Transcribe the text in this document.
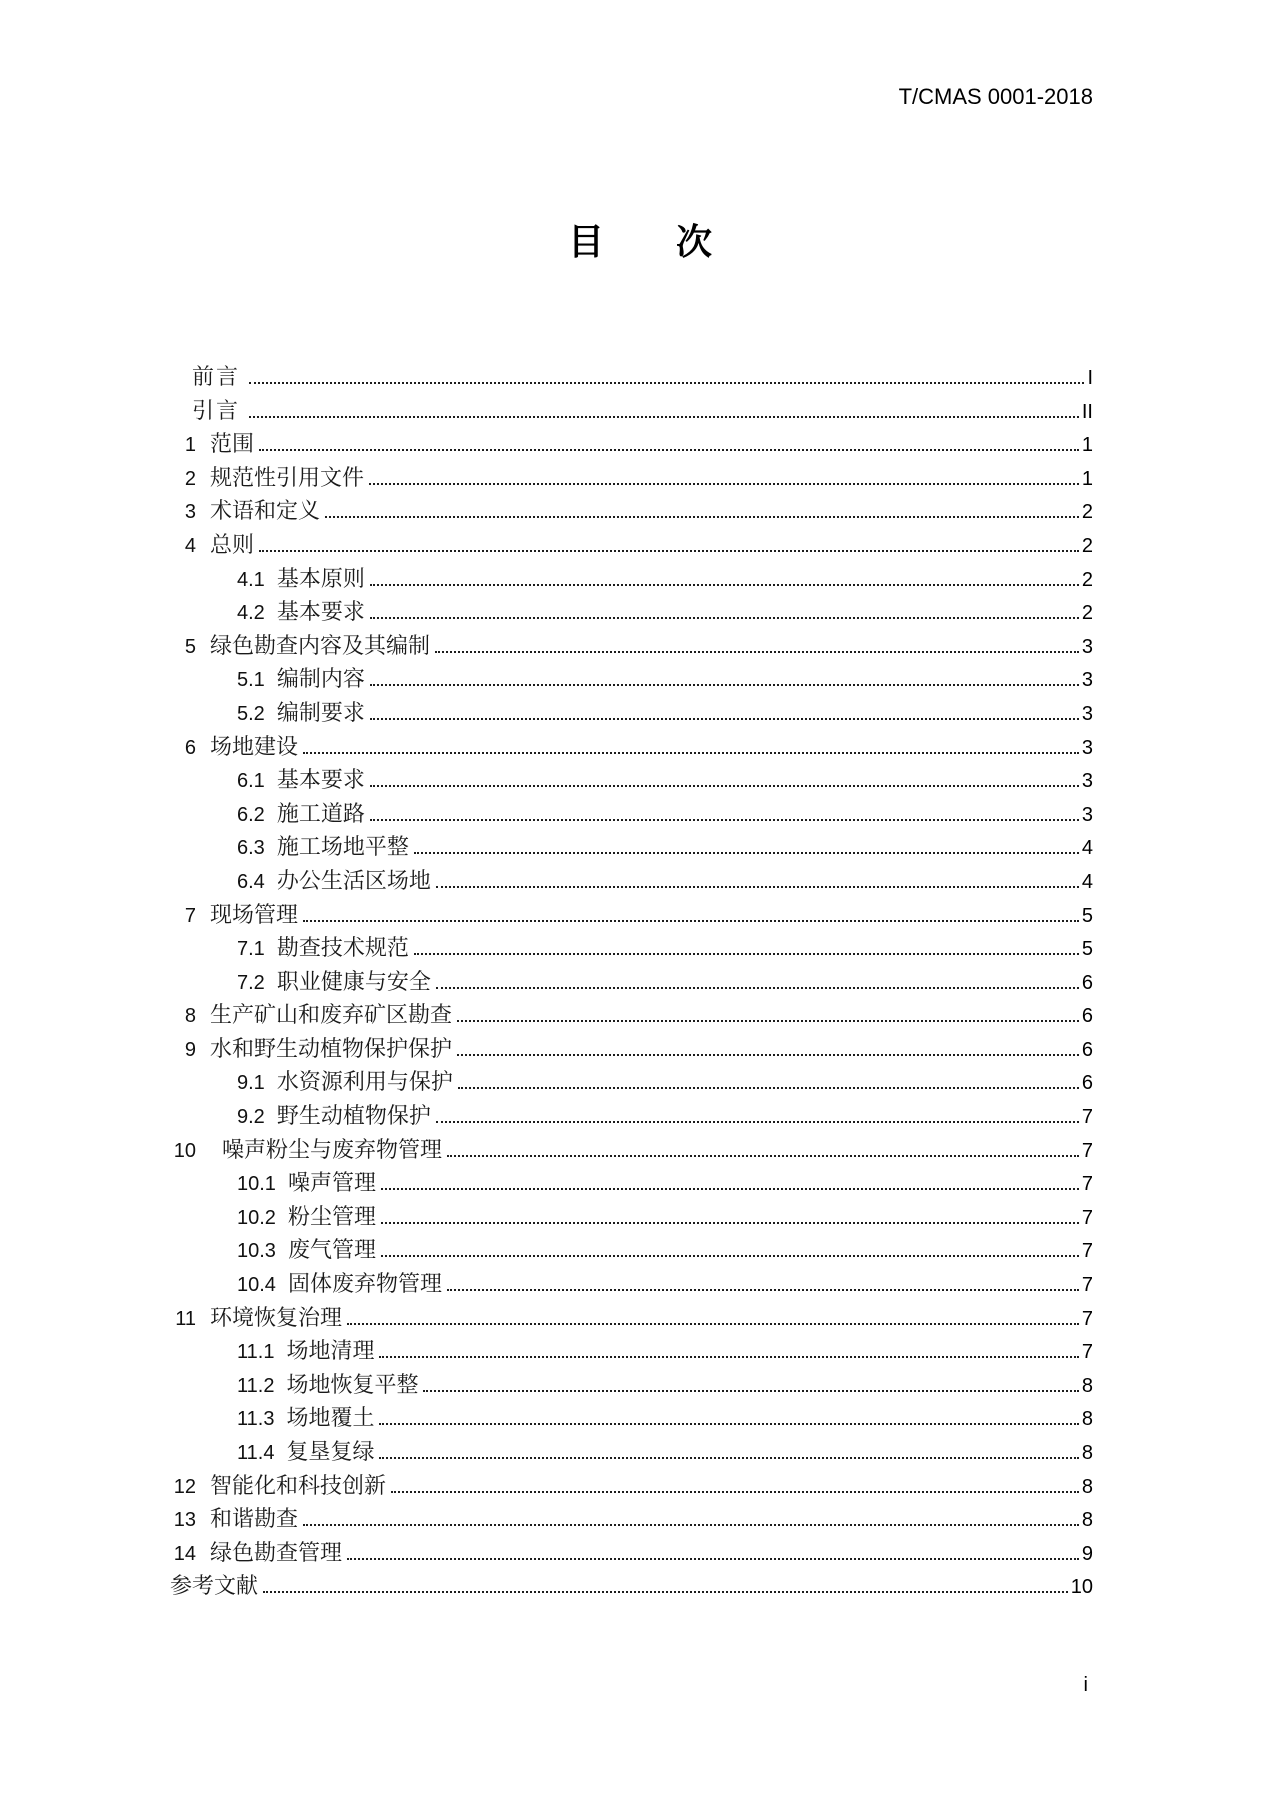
T/CMAS 0001-2018
目　　次
前言	I
引言	II
1 范围	1
2 规范性引用文件	1
3 术语和定义	2
4 总则	2
4.1 基本原则	2
4.2 基本要求	2
5 绿色勘查内容及其编制	3
5.1 编制内容	3
5.2 编制要求	3
6 场地建设	3
6.1 基本要求	3
6.2 施工道路	3
6.3 施工场地平整	4
6.4 办公生活区场地	4
7 现场管理	5
7.1 勘查技术规范	5
7.2 职业健康与安全	6
8 生产矿山和废弃矿区勘查	6
9 水和野生动植物保护保护	6
9.1 水资源利用与保护	6
9.2 野生动植物保护	7
10 噪声粉尘与废弃物管理	7
10.1 噪声管理	7
10.2 粉尘管理	7
10.3 废气管理	7
10.4 固体废弃物管理	7
11 环境恢复治理	7
11.1 场地清理	7
11.2 场地恢复平整	8
11.3 场地覆土	8
11.4 复垦复绿	8
12 智能化和科技创新	8
13 和谐勘查	8
14 绿色勘查管理	9
参考文献	10
i
